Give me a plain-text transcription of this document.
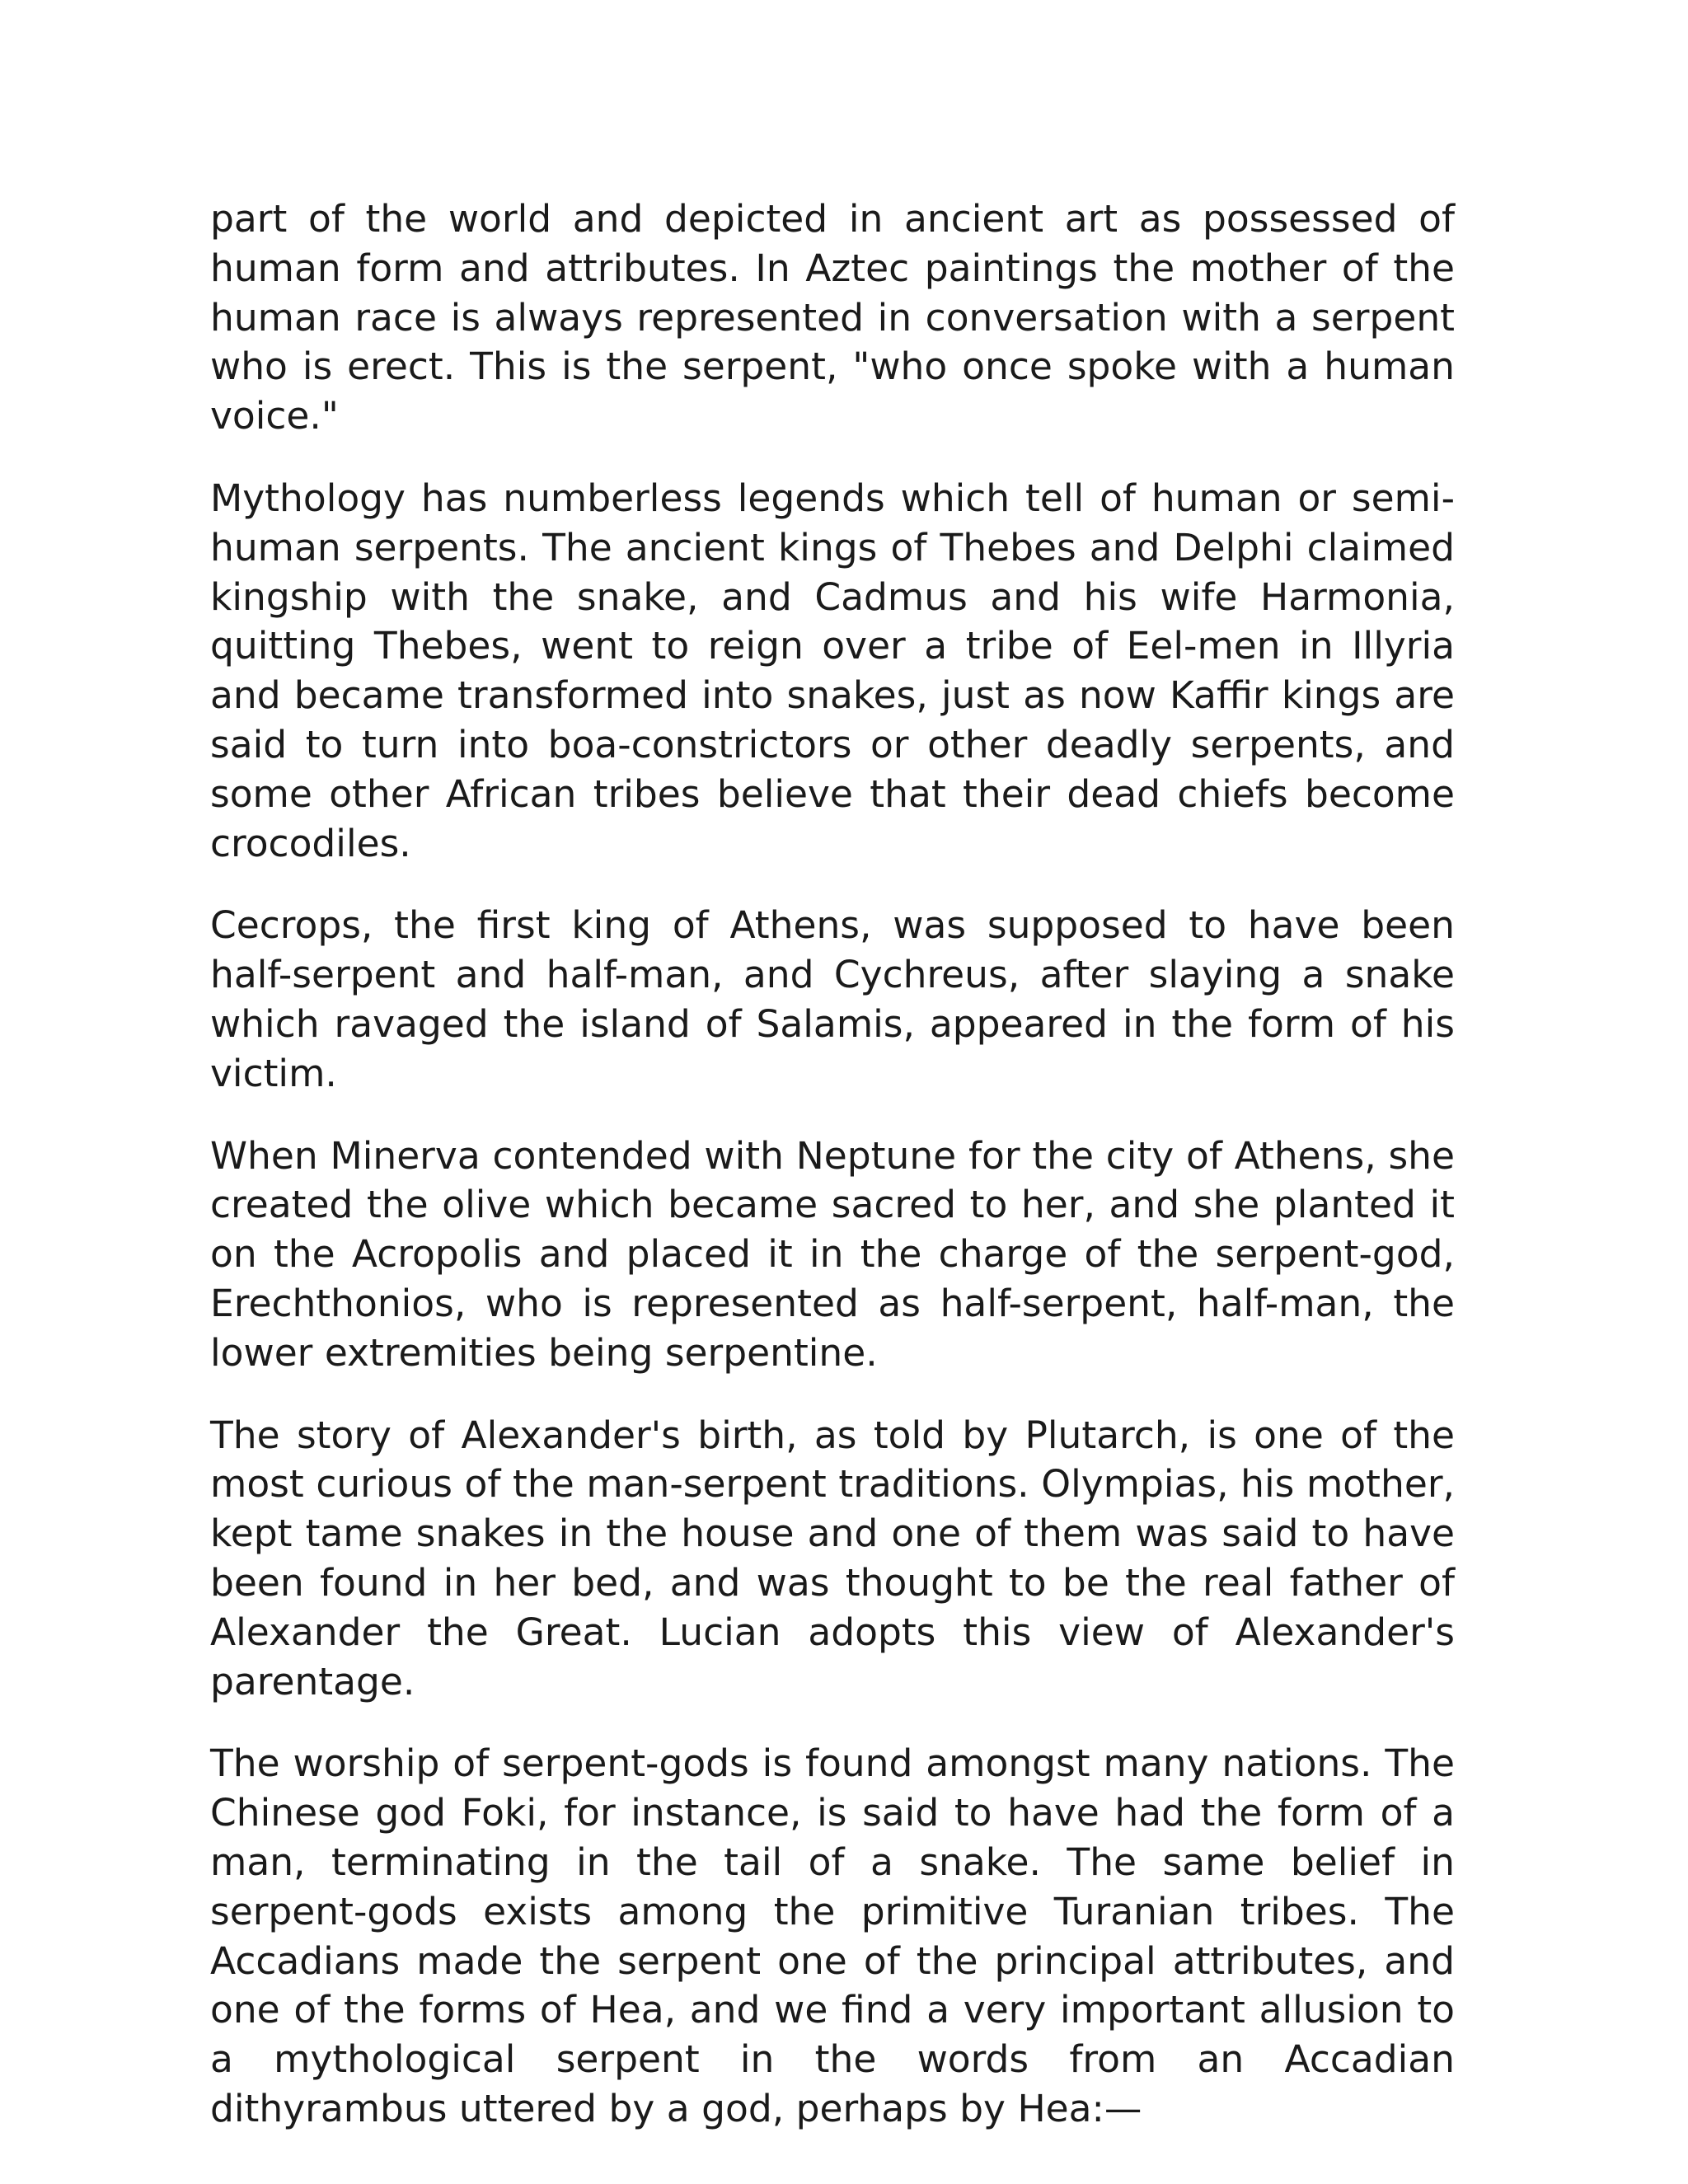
part of the world and depicted in ancient art as possessed of human form and attributes. In Aztec paintings the mother of the human race is always represented in conversation with a serpent who is erect. This is the serpent, "who once spoke with a human voice."

Mythology has numberless legends which tell of human or semi-human serpents. The ancient kings of Thebes and Delphi claimed kingship with the snake, and Cadmus and his wife Harmonia, quitting Thebes, went to reign over a tribe of Eel-men in Illyria and became transformed into snakes, just as now Kaffir kings are said to turn into boa-constrictors or other deadly serpents, and some other African tribes believe that their dead chiefs become crocodiles.

Cecrops, the first king of Athens, was supposed to have been half-serpent and half-man, and Cychreus, after slaying a snake which ravaged the island of Salamis, appeared in the form of his victim.

When Minerva contended with Neptune for the city of Athens, she created the olive which became sacred to her, and she planted it on the Acropolis and placed it in the charge of the serpent-god, Erechthonios, who is represented as half-serpent, half-man, the lower extremities being serpentine.

The story of Alexander's birth, as told by Plutarch, is one of the most curious of the man-serpent traditions. Olympias, his mother, kept tame snakes in the house and one of them was said to have been found in her bed, and was thought to be the real father of Alexander the Great. Lucian adopts this view of Alexander's parentage.

The worship of serpent-gods is found amongst many nations. The Chinese god Foki, for instance, is said to have had the form of a man, terminating in the tail of a snake. The same belief in serpent-gods exists among the primitive Turanian tribes. The Accadians made the serpent one of the principal attributes, and one of the forms of Hea, and we find a very important allusion to a mythological serpent in the words from an Accadian dithyrambus uttered by a god, perhaps by Hea:—
